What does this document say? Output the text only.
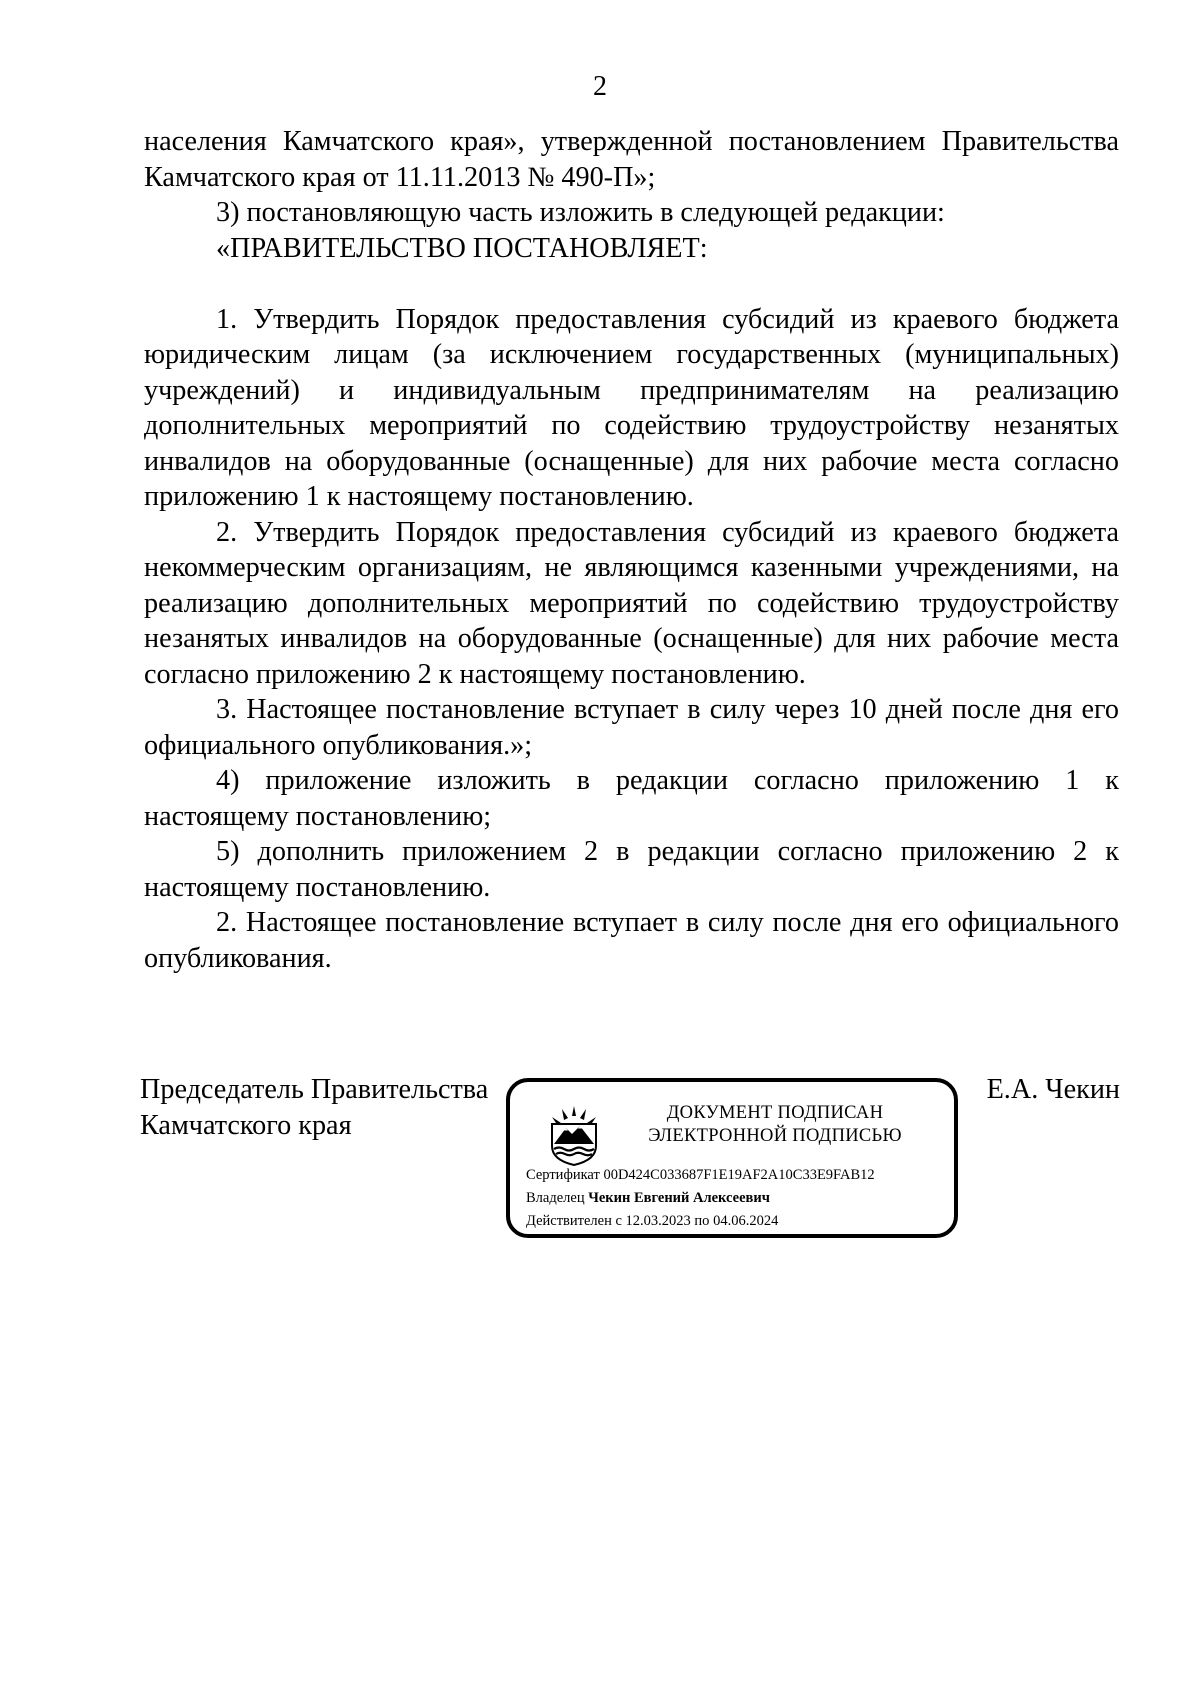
2

населения Камчатского края», утвержденной постановлением Правительства Камчатского края от 11.11.2013 № 490-П»;

3) постановляющую часть изложить в следующей редакции:

«ПРАВИТЕЛЬСТВО ПОСТАНОВЛЯЕТ:

1. Утвердить Порядок предоставления субсидий из краевого бюджета юридическим лицам (за исключением государственных (муниципальных) учреждений) и индивидуальным предпринимателям на реализацию дополнительных мероприятий по содействию трудоустройству незанятых инвалидов на оборудованные (оснащенные) для них рабочие места согласно приложению 1 к настоящему постановлению.

2. Утвердить Порядок предоставления субсидий из краевого бюджета некоммерческим организациям, не являющимся казенными учреждениями, на реализацию дополнительных мероприятий по содействию трудоустройству незанятых инвалидов на оборудованные (оснащенные) для них рабочие места согласно приложению 2 к настоящему постановлению.

3. Настоящее постановление вступает в силу через 10 дней после дня его официального опубликования.»;

4) приложение изложить в редакции согласно приложению 1 к настоящему постановлению;

5) дополнить приложением 2 в редакции согласно приложению 2 к настоящему постановлению.

2. Настоящее постановление вступает в силу после дня его официального опубликования.

Председатель Правительства
Камчатского края
Е.А. Чекин
ДОКУМЕНТ ПОДПИСАН
ЭЛЕКТРОННОЙ ПОДПИСЬЮ
Сертификат 00D424C033687F1E19AF2A10C33E9FAB12
Владелец Чекин Евгений Алексеевич
Действителен с 12.03.2023 по 04.06.2024
